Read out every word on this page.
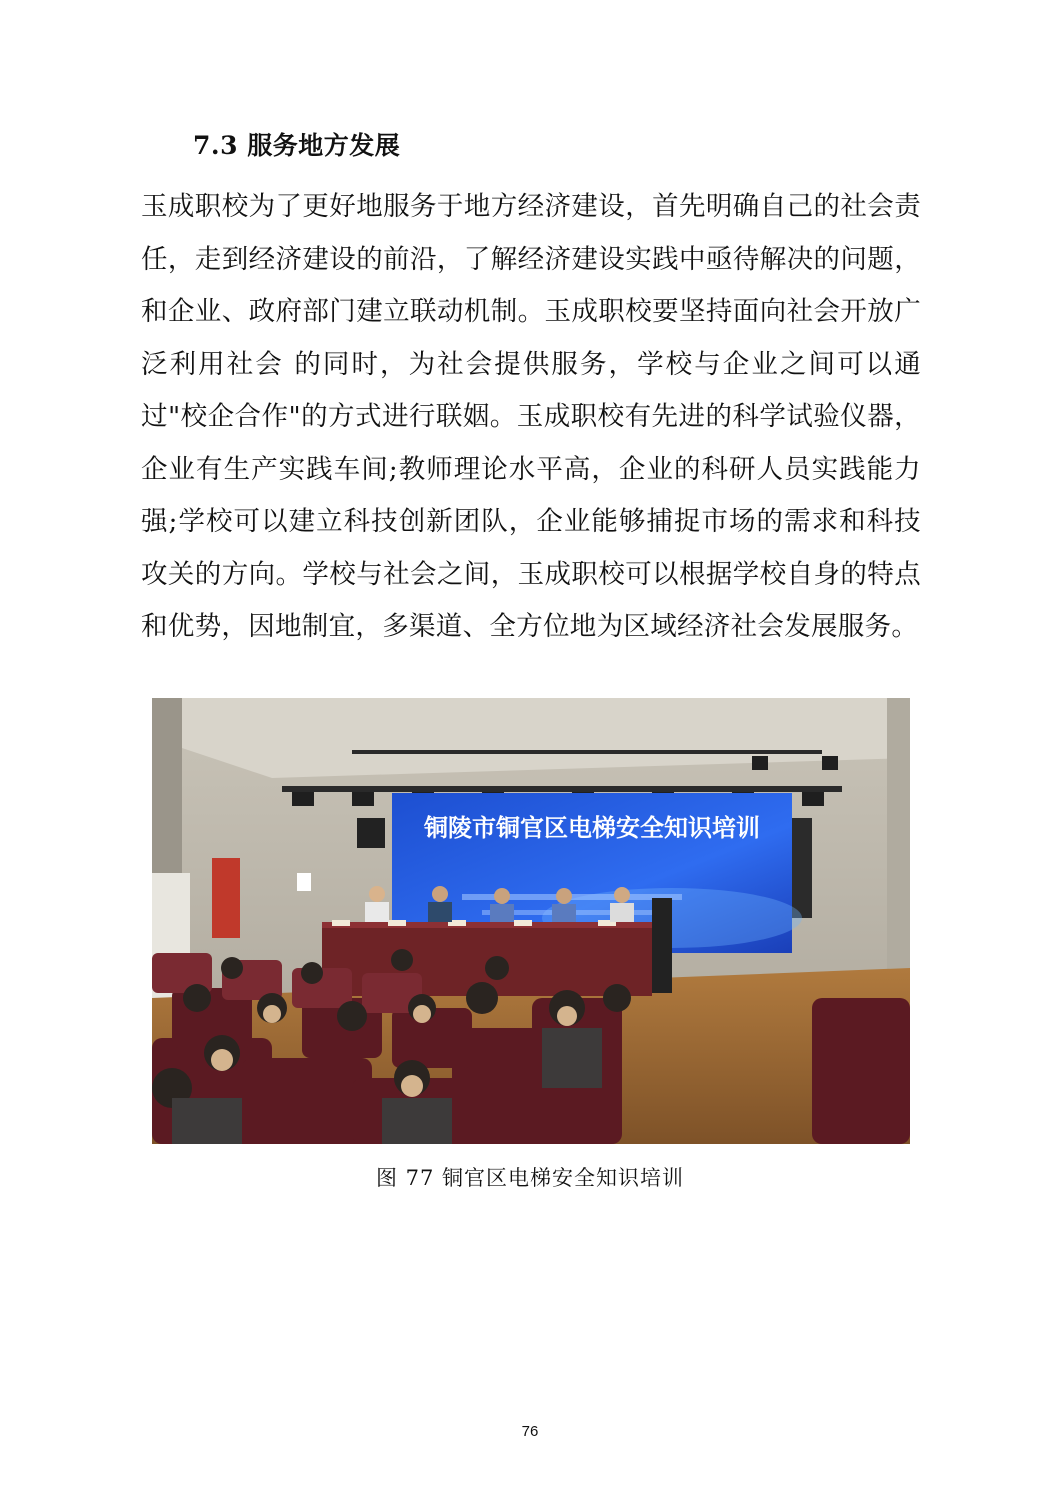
7.3 服务地方发展
玉成职校为了更好地服务于地方经济建设，首先明确自己的社会责任，走到经济建设的前沿，了解经济建设实践中亟待解决的问题，和企业、政府部门建立联动机制。玉成职校要坚持面向社会开放广泛利用社会 的同时，为社会提供服务，学校与企业之间可以通过"校企合作"的方式进行联姻。玉成职校有先进的科学试验仪器，企业有生产实践车间;教师理论水平高，企业的科研人员实践能力强;学校可以建立科技创新团队，企业能够捕捉市场的需求和科技攻关的方向。学校与社会之间，玉成职校可以根据学校自身的特点和优势，因地制宜，多渠道、全方位地为区域经济社会发展服务。
铜陵市铜官区电梯安全知识培训
图 77 铜官区电梯安全知识培训
76
